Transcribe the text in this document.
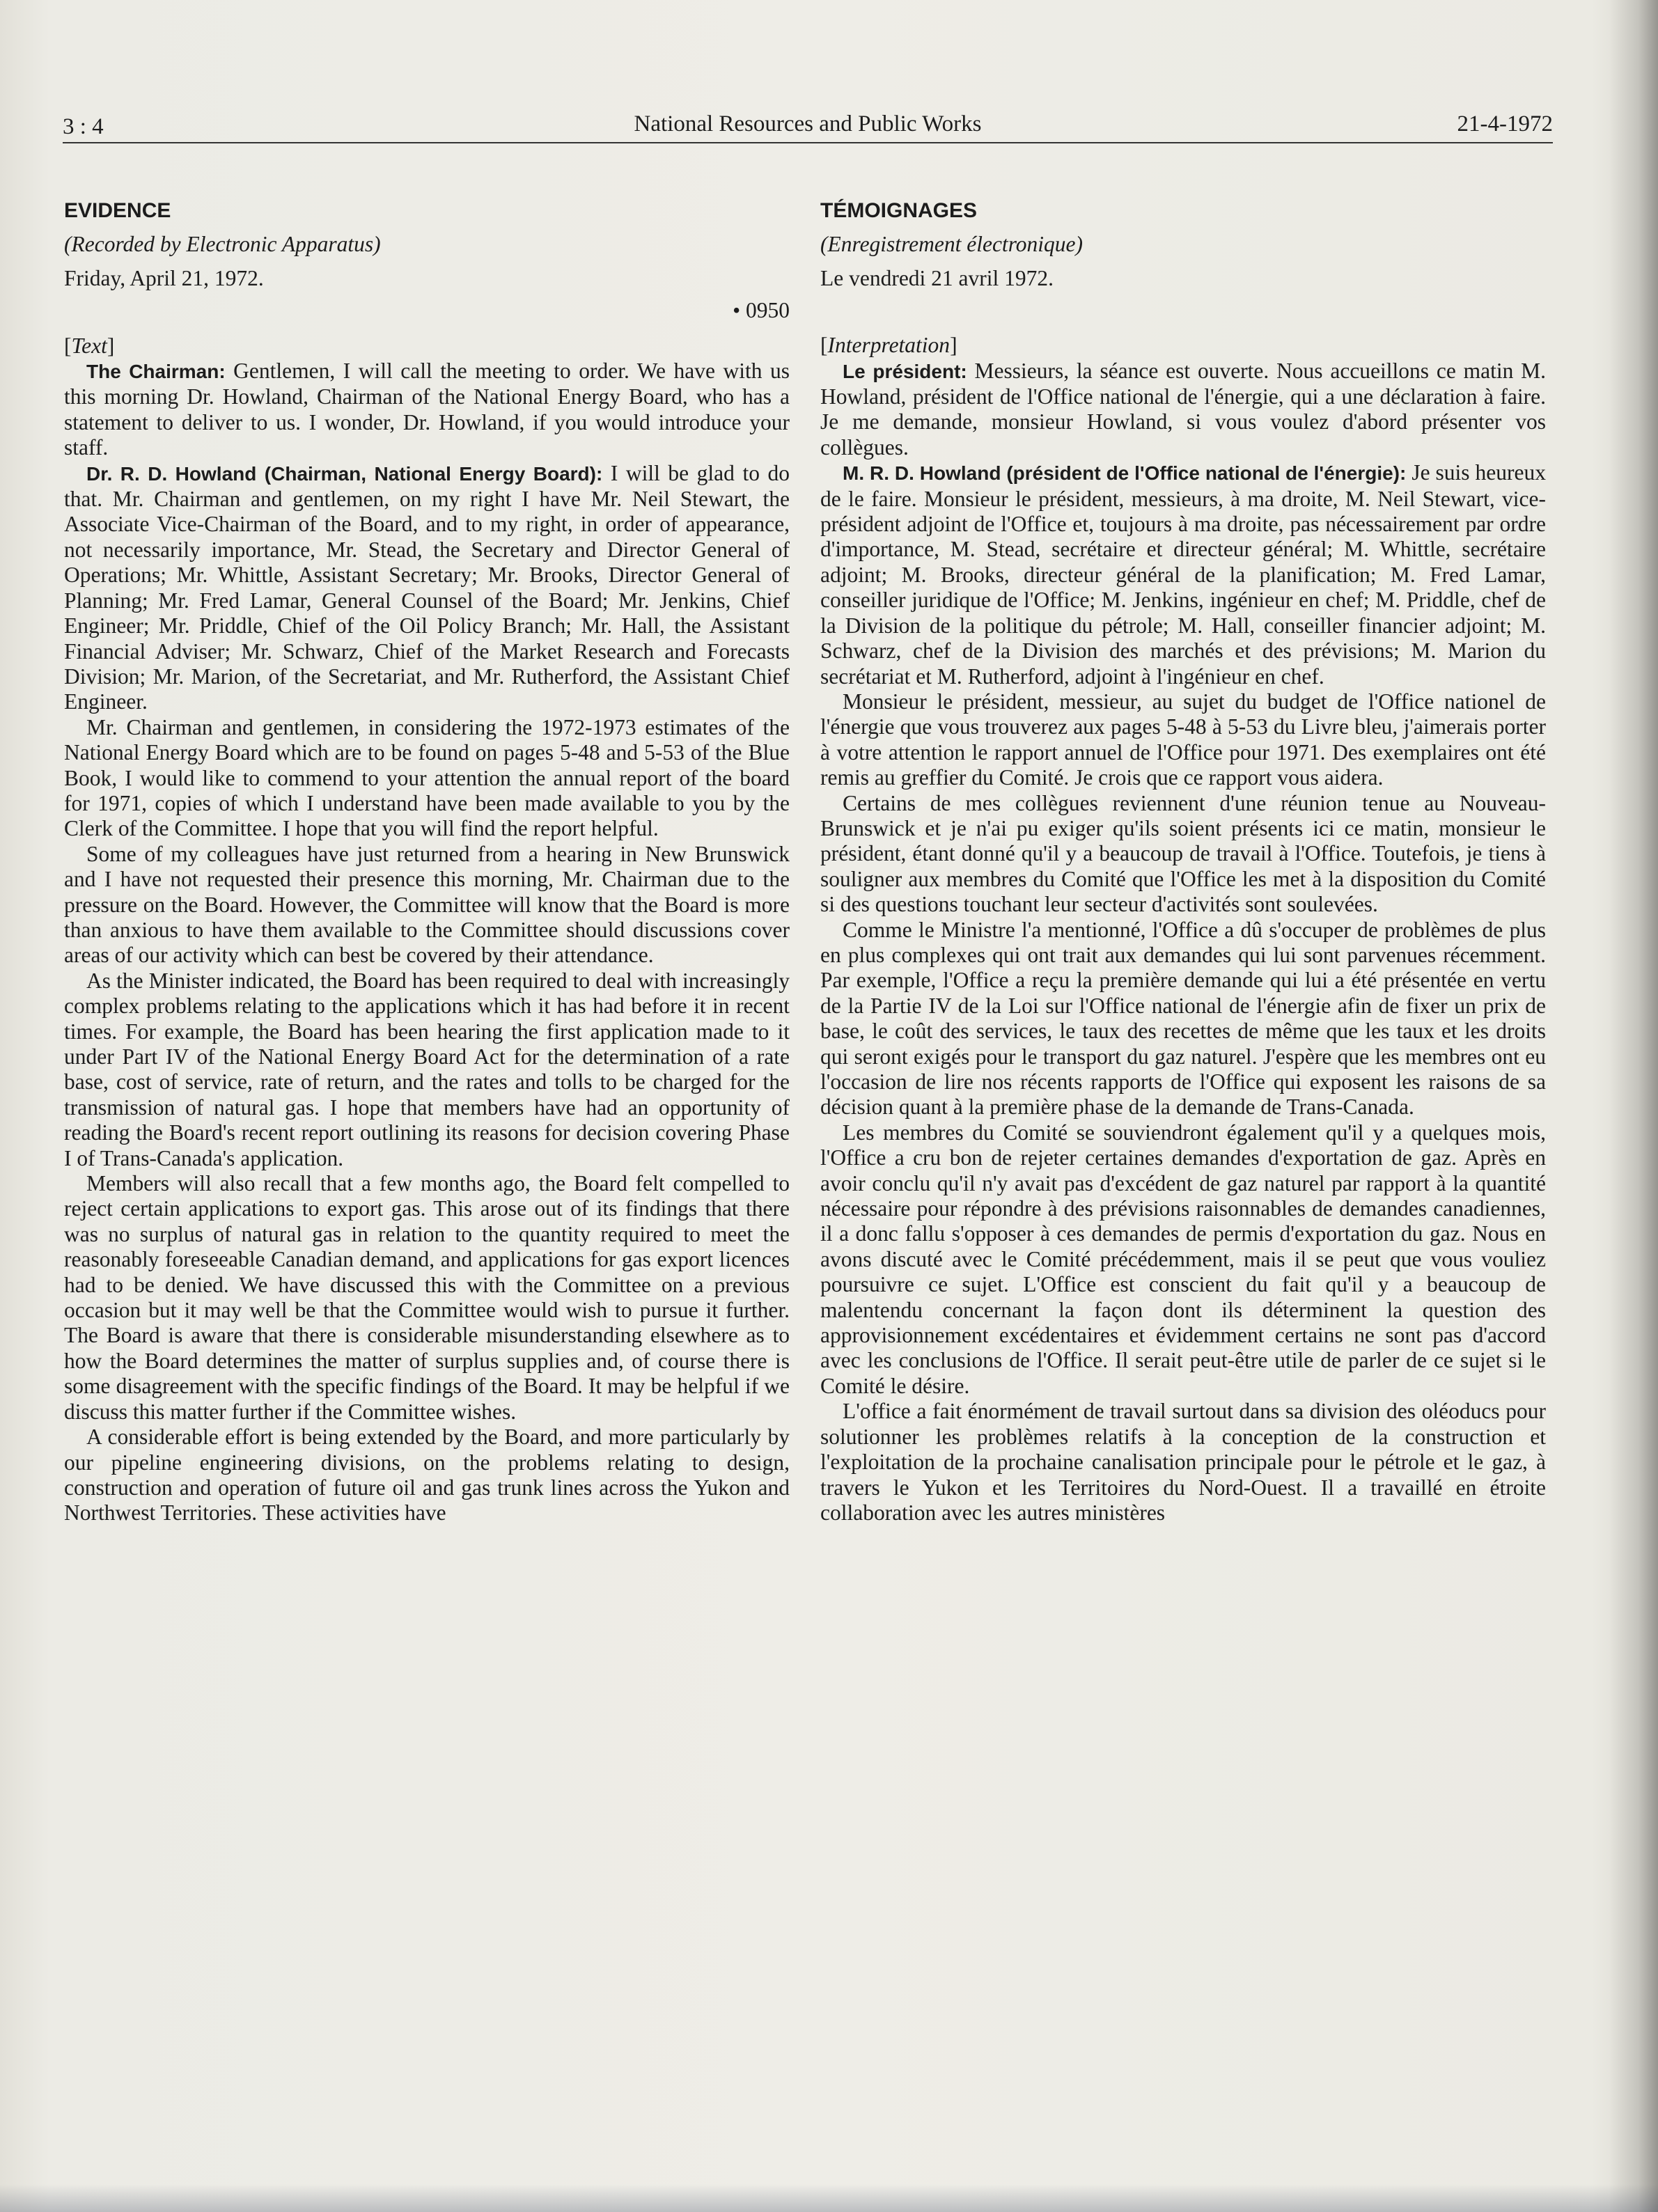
3 : 4	National Resources and Public Works	21-4-1972

EVIDENCE

(Recorded by Electronic Apparatus)

Friday, April 21, 1972.

• 0950

[Text]

The Chairman: Gentlemen, I will call the meeting to order. We have with us this morning Dr. Howland, Chairman of the National Energy Board, who has a statement to deliver to us. I wonder, Dr. Howland, if you would introduce your staff.

Dr. R. D. Howland (Chairman, National Energy Board): I will be glad to do that. Mr. Chairman and gentlemen, on my right I have Mr. Neil Stewart, the Associate Vice-Chairman of the Board, and to my right, in order of appearance, not necessarily importance, Mr. Stead, the Secretary and Director General of Operations; Mr. Whittle, Assistant Secretary; Mr. Brooks, Director General of Planning; Mr. Fred Lamar, General Counsel of the Board; Mr. Jenkins, Chief Engineer; Mr. Priddle, Chief of the Oil Policy Branch; Mr. Hall, the Assistant Financial Adviser; Mr. Schwarz, Chief of the Market Research and Forecasts Division; Mr. Marion, of the Secretariat, and Mr. Rutherford, the Assistant Chief Engineer.

Mr. Chairman and gentlemen, in considering the 1972-1973 estimates of the National Energy Board which are to be found on pages 5-48 and 5-53 of the Blue Book, I would like to commend to your attention the annual report of the board for 1971, copies of which I understand have been made available to you by the Clerk of the Committee. I hope that you will find the report helpful.

Some of my colleagues have just returned from a hearing in New Brunswick and I have not requested their presence this morning, Mr. Chairman due to the pressure on the Board. However, the Committee will know that the Board is more than anxious to have them available to the Committee should discussions cover areas of our activity which can best be covered by their attendance.

As the Minister indicated, the Board has been required to deal with increasingly complex problems relating to the applications which it has had before it in recent times. For example, the Board has been hearing the first application made to it under Part IV of the National Energy Board Act for the determination of a rate base, cost of service, rate of return, and the rates and tolls to be charged for the transmission of natural gas. I hope that members have had an opportunity of reading the Board's recent report outlining its reasons for decision covering Phase I of Trans-Canada's application.

Members will also recall that a few months ago, the Board felt compelled to reject certain applications to export gas. This arose out of its findings that there was no surplus of natural gas in relation to the quantity required to meet the reasonably foreseeable Canadian demand, and applications for gas export licences had to be denied. We have discussed this with the Committee on a previous occasion but it may well be that the Committee would wish to pursue it further. The Board is aware that there is considerable misunderstanding elsewhere as to how the Board determines the matter of surplus supplies and, of course there is some disagreement with the specific findings of the Board. It may be helpful if we discuss this matter further if the Committee wishes.

A considerable effort is being extended by the Board, and more particularly by our pipeline engineering divisions, on the problems relating to design, construction and operation of future oil and gas trunk lines across the Yukon and Northwest Territories. These activities have

TÉMOIGNAGES

(Enregistrement électronique)

Le vendredi 21 avril 1972.

[Interpretation]

Le président: Messieurs, la séance est ouverte. Nous accueillons ce matin M. Howland, président de l'Office national de l'énergie, qui a une déclaration à faire. Je me demande, monsieur Howland, si vous voulez d'abord présenter vos collègues.

M. R. D. Howland (président de l'Office national de l'énergie): Je suis heureux de le faire. Monsieur le président, messieurs, à ma droite, M. Neil Stewart, vice-président adjoint de l'Office et, toujours à ma droite, pas nécessairement par ordre d'importance, M. Stead, secrétaire et directeur général; M. Whittle, secrétaire adjoint; M. Brooks, directeur général de la planification; M. Fred Lamar, conseiller juridique de l'Office; M. Jenkins, ingénieur en chef; M. Priddle, chef de la Division de la politique du pétrole; M. Hall, conseiller financier adjoint; M. Schwarz, chef de la Division des marchés et des prévisions; M. Marion du secrétariat et M. Rutherford, adjoint à l'ingénieur en chef.

Monsieur le président, messieur, au sujet du budget de l'Office nationel de l'énergie que vous trouverez aux pages 5-48 à 5-53 du Livre bleu, j'aimerais porter à votre attention le rapport annuel de l'Office pour 1971. Des exemplaires ont été remis au greffier du Comité. Je crois que ce rapport vous aidera.

Certains de mes collègues reviennent d'une réunion tenue au Nouveau-Brunswick et je n'ai pu exiger qu'ils soient présents ici ce matin, monsieur le président, étant donné qu'il y a beaucoup de travail à l'Office. Toutefois, je tiens à souligner aux membres du Comité que l'Office les met à la disposition du Comité si des questions touchant leur secteur d'activités sont soulevées.

Comme le Ministre l'a mentionné, l'Office a dû s'occuper de problèmes de plus en plus complexes qui ont trait aux demandes qui lui sont parvenues récemment. Par exemple, l'Office a reçu la première demande qui lui a été présentée en vertu de la Partie IV de la Loi sur l'Office national de l'énergie afin de fixer un prix de base, le coût des services, le taux des recettes de même que les taux et les droits qui seront exigés pour le transport du gaz naturel. J'espère que les membres ont eu l'occasion de lire nos récents rapports de l'Office qui exposent les raisons de sa décision quant à la première phase de la demande de Trans-Canada.

Les membres du Comité se souviendront également qu'il y a quelques mois, l'Office a cru bon de rejeter certaines demandes d'exportation de gaz. Après en avoir conclu qu'il n'y avait pas d'excédent de gaz naturel par rapport à la quantité nécessaire pour répondre à des prévisions raisonnables de demandes canadiennes, il a donc fallu s'opposer à ces demandes de permis d'exportation du gaz. Nous en avons discuté avec le Comité précédemment, mais il se peut que vous vouliez poursuivre ce sujet. L'Office est conscient du fait qu'il y a beaucoup de malentendu concernant la façon dont ils déterminent la question des approvisionnement excédentaires et évidemment certains ne sont pas d'accord avec les conclusions de l'Office. Il serait peut-être utile de parler de ce sujet si le Comité le désire.

L'office a fait énormément de travail surtout dans sa division des oléoducs pour solutionner les problèmes relatifs à la conception de la construction et l'exploitation de la prochaine canalisation principale pour le pétrole et le gaz, à travers le Yukon et les Territoires du Nord-Ouest. Il a travaillé en étroite collaboration avec les autres ministères
